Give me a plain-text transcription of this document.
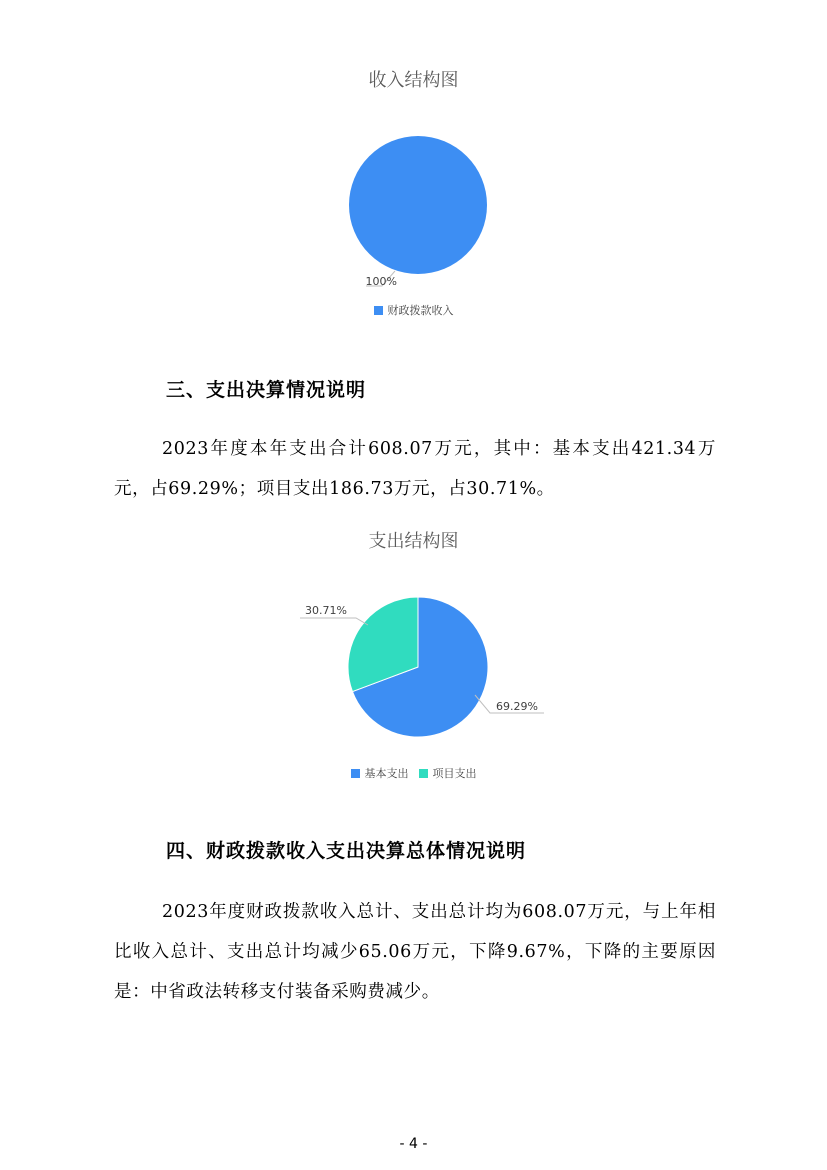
收入结构图
100%
财政拨款收入
三、支出决算情况说明
2023年度本年支出合计608.07万元，其中：基本支出421.34万元，占69.29%；项目支出186.73万元，占30.71%。
支出结构图
69.29%
30.71%
基本支出 项目支出
四、财政拨款收入支出决算总体情况说明
2023年度财政拨款收入总计、支出总计均为608.07万元，与上年相比收入总计、支出总计均减少65.06万元，下降9.67%，下降的主要原因是：中省政法转移支付装备采购费减少。
- 4 -
